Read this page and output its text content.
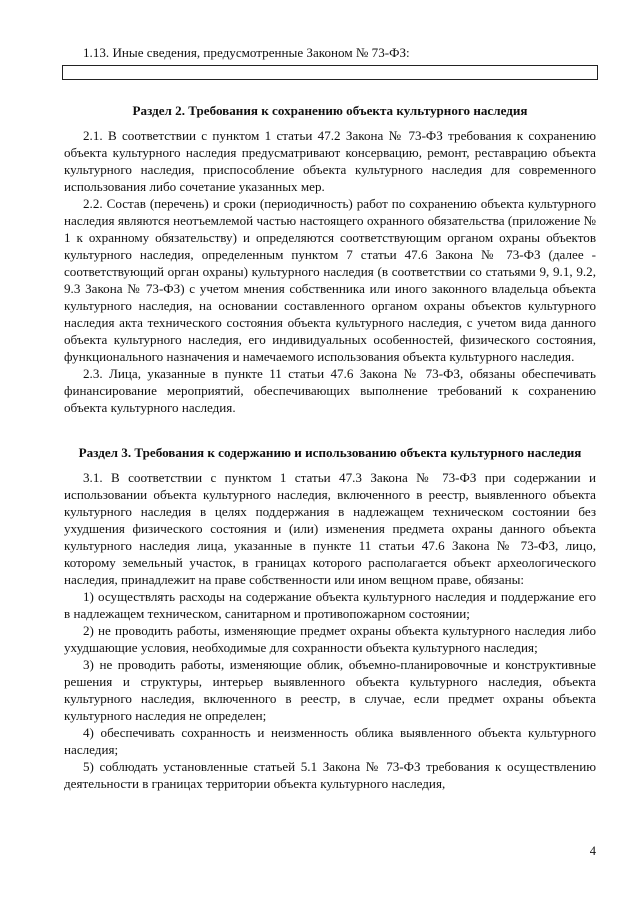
1.13. Иные сведения, предусмотренные Законом № 73-ФЗ:

Раздел 2. Требования к сохранению объекта культурного наследия

2.1. В соответствии с пунктом 1 статьи 47.2 Закона № 73-ФЗ требования к сохранению объекта культурного наследия предусматривают консервацию, ремонт, реставрацию объекта культурного наследия, приспособление объекта культурного наследия для современного использования либо сочетание указанных мер.

2.2. Состав (перечень) и сроки (периодичность) работ по сохранению объекта культурного наследия являются неотъемлемой частью настоящего охранного обязательства (приложение № 1 к охранному обязательству) и определяются соответствующим органом охраны объектов культурного наследия, определенным пунктом 7 статьи 47.6 Закона № 73-ФЗ (далее - соответствующий орган охраны) культурного наследия (в соответствии со статьями 9, 9.1, 9.2, 9.3 Закона № 73-ФЗ) с учетом мнения собственника или иного законного владельца объекта культурного наследия, на основании составленного органом охраны объектов культурного наследия акта технического состояния объекта культурного наследия, с учетом вида данного объекта культурного наследия, его индивидуальных особенностей, физического состояния, функционального назначения и намечаемого использования объекта культурного наследия.

2.3. Лица, указанные в пункте 11 статьи 47.6 Закона № 73-ФЗ, обязаны обеспечивать финансирование мероприятий, обеспечивающих выполнение требований к сохранению объекта культурного наследия.

Раздел 3. Требования к содержанию и использованию объекта культурного наследия

3.1. В соответствии с пунктом 1 статьи 47.3 Закона № 73-ФЗ при содержании и использовании объекта культурного наследия, включенного в реестр, выявленного объекта культурного наследия в целях поддержания в надлежащем техническом состоянии без ухудшения физического состояния и (или) изменения предмета охраны данного объекта культурного наследия лица, указанные в пункте 11 статьи 47.6 Закона № 73-ФЗ, лицо, которому земельный участок, в границах которого располагается объект археологического наследия, принадлежит на праве собственности или ином вещном праве, обязаны:

1) осуществлять расходы на содержание объекта культурного наследия и поддержание его в надлежащем техническом, санитарном и противопожарном состоянии;

2) не проводить работы, изменяющие предмет охраны объекта культурного наследия либо ухудшающие условия, необходимые для сохранности объекта культурного наследия;

3) не проводить работы, изменяющие облик, объемно-планировочные и конструктивные решения и структуры, интерьер выявленного объекта культурного наследия, объекта культурного наследия, включенного в реестр, в случае, если предмет охраны объекта культурного наследия не определен;

4) обеспечивать сохранность и неизменность облика выявленного объекта культурного наследия;

5) соблюдать установленные статьей 5.1 Закона № 73-ФЗ требования к осуществлению деятельности в границах территории объекта культурного наследия,

4
